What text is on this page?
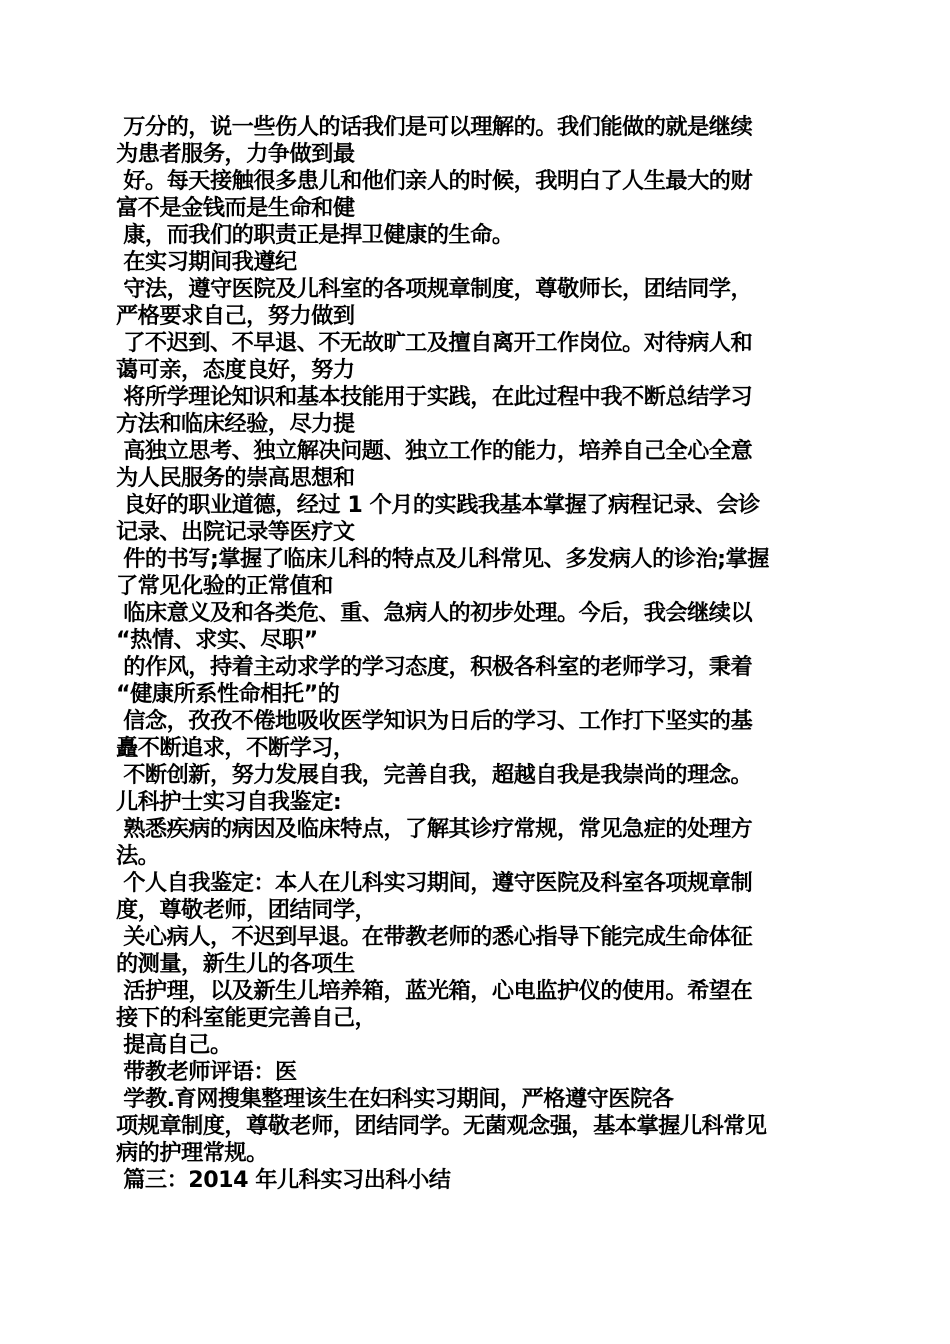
万分的，说一些伤人的话我们是可以理解的。我们能做的就是继续
为患者服务，力争做到最
好。每天接触很多患儿和他们亲人的时候，我明白了人生最大的财
富不是金钱而是生命和健
康，而我们的职责正是捍卫健康的生命。
在实习期间我遵纪
守法，遵守医院及儿科室的各项规章制度，尊敬师长，团结同学，
严格要求自己，努力做到
了不迟到、不早退、不无故旷工及擅自离开工作岗位。对待病人和
蔼可亲，态度良好，努力
将所学理论知识和基本技能用于实践，在此过程中我不断总结学习
方法和临床经验，尽力提
高独立思考、独立解决问题、独立工作的能力，培养自己全心全意
为人民服务的崇高思想和
良好的职业道德，经过 1 个月的实践我基本掌握了病程记录、会诊
记录、出院记录等医疗文
件的书写;掌握了临床儿科的特点及儿科常见、多发病人的诊治;掌握
了常见化验的正常值和
临床意义及和各类危、重、急病人的初步处理。今后，我会继续以
“热情、求实、尽职”
的作风，持着主动求学的学习态度，积极各科室的老师学习，秉着
“健康所系性命相托”的
信念，孜孜不倦地吸收医学知识为日后的学习、工作打下坚实的基
矗不断追求，不断学习，
不断创新，努力发展自我，完善自我，超越自我是我崇尚的理念。
儿科护士实习自我鉴定:
熟悉疾病的病因及临床特点，了解其诊疗常规，常见急症的处理方
法。
个人自我鉴定：本人在儿科实习期间，遵守医院及科室各项规章制
度，尊敬老师，团结同学，
关心病人，不迟到早退。在带教老师的悉心指导下能完成生命体征
的测量，新生儿的各项生
活护理，以及新生儿培养箱，蓝光箱，心电监护仪的使用。希望在
接下的科室能更完善自己，
提高自己。
带教老师评语：医
学教.育网搜集整理该生在妇科实习期间，严格遵守医院各
项规章制度，尊敬老师，团结同学。无菌观念强，基本掌握儿科常见
病的护理常规。
篇三：2014 年儿科实习出科小结
